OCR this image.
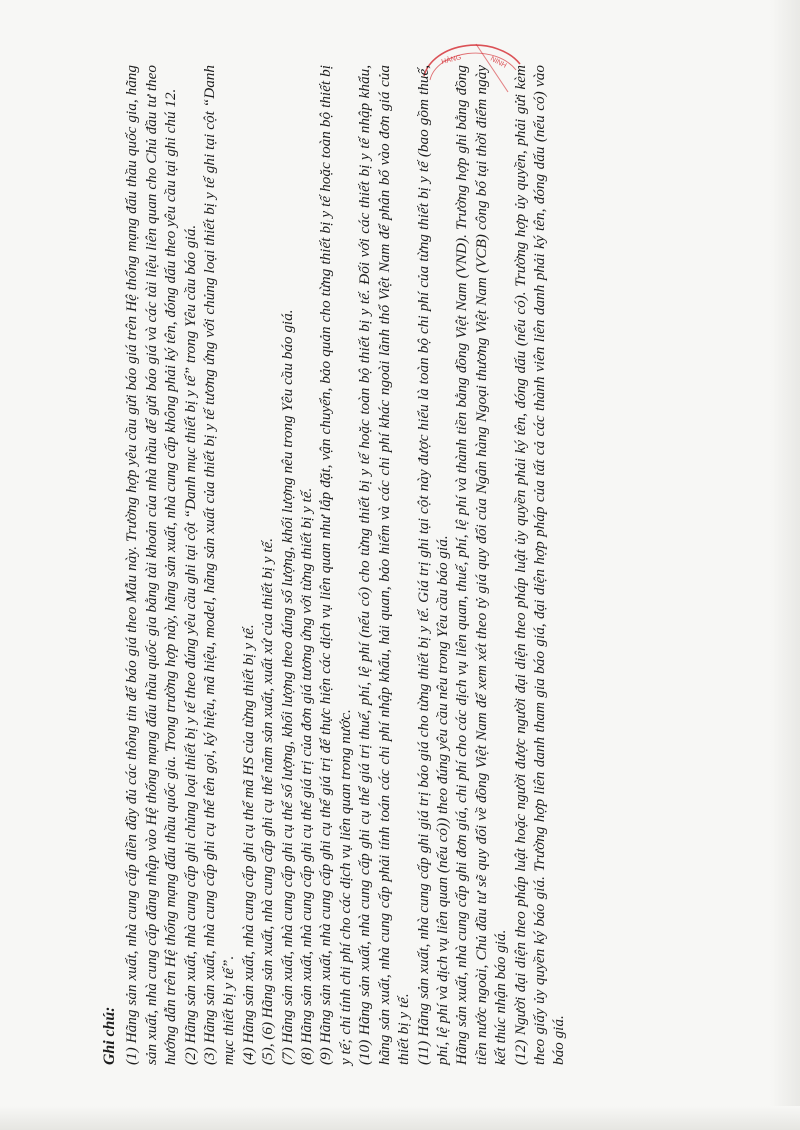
HÀNG	NINH
Ghi chú: (1) Hãng sản xuất, nhà cung cấp điền đầy đủ các thông tin để báo giá theo Mẫu này. Trường hợp yêu cầu gửi báo giá trên Hệ thống mạng đấu thầu quốc gia, hãng sản xuất, nhà cung cấp đăng nhập vào Hệ thống mạng đấu thầu quốc gia bằng tài khoản của nhà thầu để gửi báo giá và các tài liệu liên quan cho Chủ đầu tư theo hướng dẫn trên Hệ thống mạng đấu thầu quốc gia. Trong trường hợp này, hãng sản xuất, nhà cung cấp không phải ký tên, đóng dấu theo yêu cầu tại ghi chú 12. (2) Hãng sản xuất, nhà cung cấp ghi chủng loại thiết bị y tế theo đúng yêu cầu ghi tại cột “Danh mục thiết bị y tế” trong Yêu cầu báo giá. (3) Hãng sản xuất, nhà cung cấp ghi cụ thể tên gọi, ký hiệu, mã hiệu, model, hãng sản xuất của thiết bị y tế tương ứng với chủng loại thiết bị y tế ghi tại cột “Danh mục thiết bị y tế”. (4) Hãng sản xuất, nhà cung cấp ghi cụ thể mã HS của từng thiết bị y tế. (5), (6) Hãng sản xuất, nhà cung cấp ghi cụ thể năm sản xuất, xuất xứ của thiết bị y tế. (7) Hãng sản xuất, nhà cung cấp ghi cụ thể số lượng, khối lượng theo đúng số lượng, khối lượng nêu trong Yêu cầu báo giá. (8) Hãng sản xuất, nhà cung cấp ghi cụ thể giá trị của đơn giá tương ứng với từng thiết bị y tế. (9) Hãng sản xuất, nhà cung cấp ghi cụ thể giá trị để thực hiện các dịch vụ liên quan như lắp đặt, vận chuyển, bảo quản cho từng thiết bị y tế hoặc toàn bộ thiết bị y tế; chỉ tính chi phí cho các dịch vụ liên quan trong nước. (10) Hãng sản xuất, nhà cung cấp ghi cụ thể giá trị thuế, phí, lệ phí (nếu có) cho từng thiết bị y tế hoặc toàn bộ thiết bị y tế. Đối với các thiết bị y tế nhập khẩu, hãng sản xuất, nhà cung cấp phải tính toán các chi phí nhập khẩu, hải quan, bảo hiểm và các chi phí khác ngoài lãnh thổ Việt Nam để phân bổ vào đơn giá của thiết bị y tế. (11) Hãng sản xuất, nhà cung cấp ghi giá trị báo giá cho từng thiết bị y tế. Giá trị ghi tại cột này được hiểu là toàn bộ chi phí của từng thiết bị y tế (bao gồm thuế, phí, lệ phí và dịch vụ liên quan (nếu có)) theo đúng yêu cầu nêu trong Yêu cầu báo giá. Hãng sản xuất, nhà cung cấp ghi đơn giá, chi phí cho các dịch vụ liên quan, thuế, phí, lệ phí và thành tiền bằng đồng Việt Nam (VND). Trường hợp ghi bằng đồng tiền nước ngoài, Chủ đầu tư sẽ quy đổi về đồng Việt Nam để xem xét theo tỷ giá quy đổi của Ngân hàng Ngoại thương Việt Nam (VCB) công bố tại thời điểm ngày kết thúc nhận báo giá. (12) Người đại diện theo pháp luật hoặc người được người đại diện theo pháp luật ủy quyền phải ký tên, đóng dấu (nếu có). Trường hợp ủy quyền, phải gửi kèm theo giấy ủy quyền ký báo giá. Trường hợp liên danh tham gia báo giá, đại diện hợp pháp của tất cả các thành viên liên danh phải ký tên, đóng dấu (nếu có) vào báo giá.
